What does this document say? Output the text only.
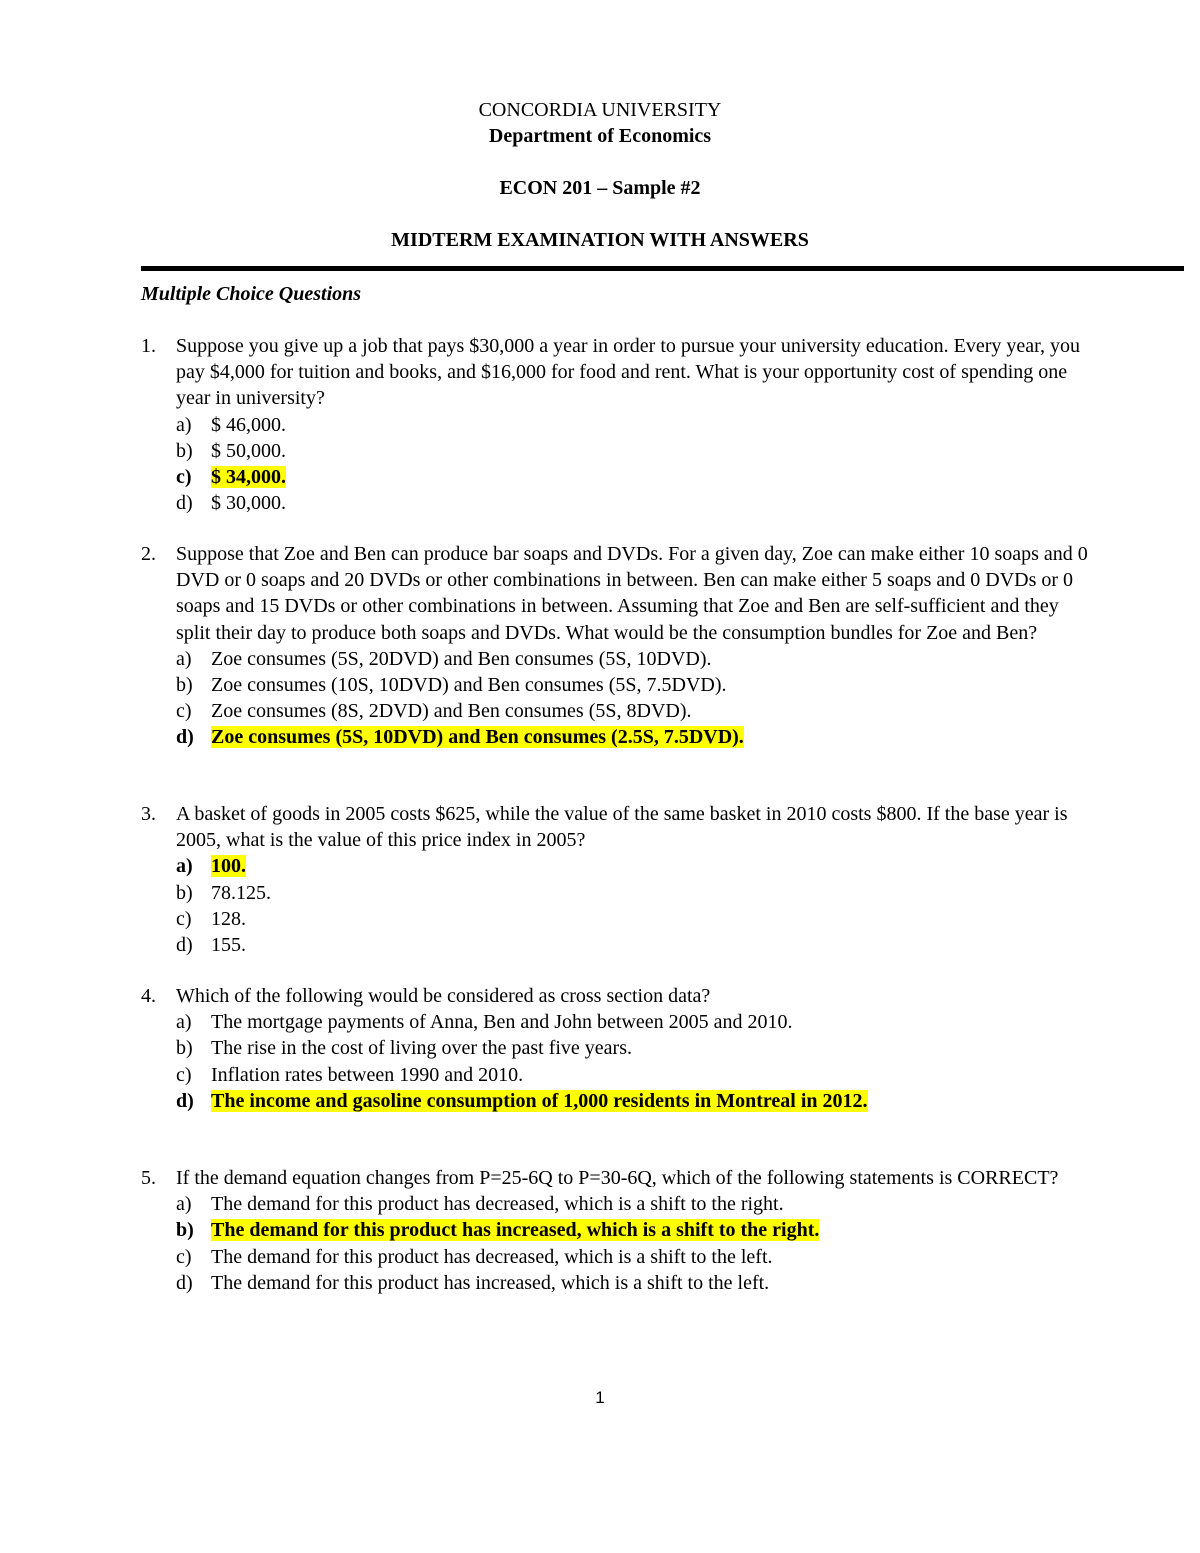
CONCORDIA UNIVERSITY
Department of Economics
ECON 201 – Sample #2
MIDTERM EXAMINATION WITH ANSWERS
Multiple Choice Questions
1. Suppose you give up a job that pays $30,000 a year in order to pursue your university education. Every year, you pay $4,000 for tuition and books, and $16,000 for food and rent. What is your opportunity cost of spending one year in university?
a) $ 46,000.
b) $ 50,000.
c) $ 34,000.
d) $ 30,000.
2. Suppose that Zoe and Ben can produce bar soaps and DVDs. For a given day, Zoe can make either 10 soaps and 0 DVD or 0 soaps and 20 DVDs or other combinations in between. Ben can make either 5 soaps and 0 DVDs or 0 soaps and 15 DVDs or other combinations in between. Assuming that Zoe and Ben are self-sufficient and they split their day to produce both soaps and DVDs. What would be the consumption bundles for Zoe and Ben?
a) Zoe consumes (5S, 20DVD) and Ben consumes (5S, 10DVD).
b) Zoe consumes (10S, 10DVD) and Ben consumes (5S, 7.5DVD).
c) Zoe consumes (8S, 2DVD) and Ben consumes (5S, 8DVD).
d) Zoe consumes (5S, 10DVD) and Ben consumes (2.5S, 7.5DVD).
3. A basket of goods in 2005 costs $625, while the value of the same basket in 2010 costs $800. If the base year is 2005, what is the value of this price index in 2005?
a) 100.
b) 78.125.
c) 128.
d) 155.
4. Which of the following would be considered as cross section data?
a) The mortgage payments of Anna, Ben and John between 2005 and 2010.
b) The rise in the cost of living over the past five years.
c) Inflation rates between 1990 and 2010.
d) The income and gasoline consumption of 1,000 residents in Montreal in 2012.
5. If the demand equation changes from P=25-6Q to P=30-6Q, which of the following statements is CORRECT?
a) The demand for this product has decreased, which is a shift to the right.
b) The demand for this product has increased, which is a shift to the right.
c) The demand for this product has decreased, which is a shift to the left.
d) The demand for this product has increased, which is a shift to the left.
1
